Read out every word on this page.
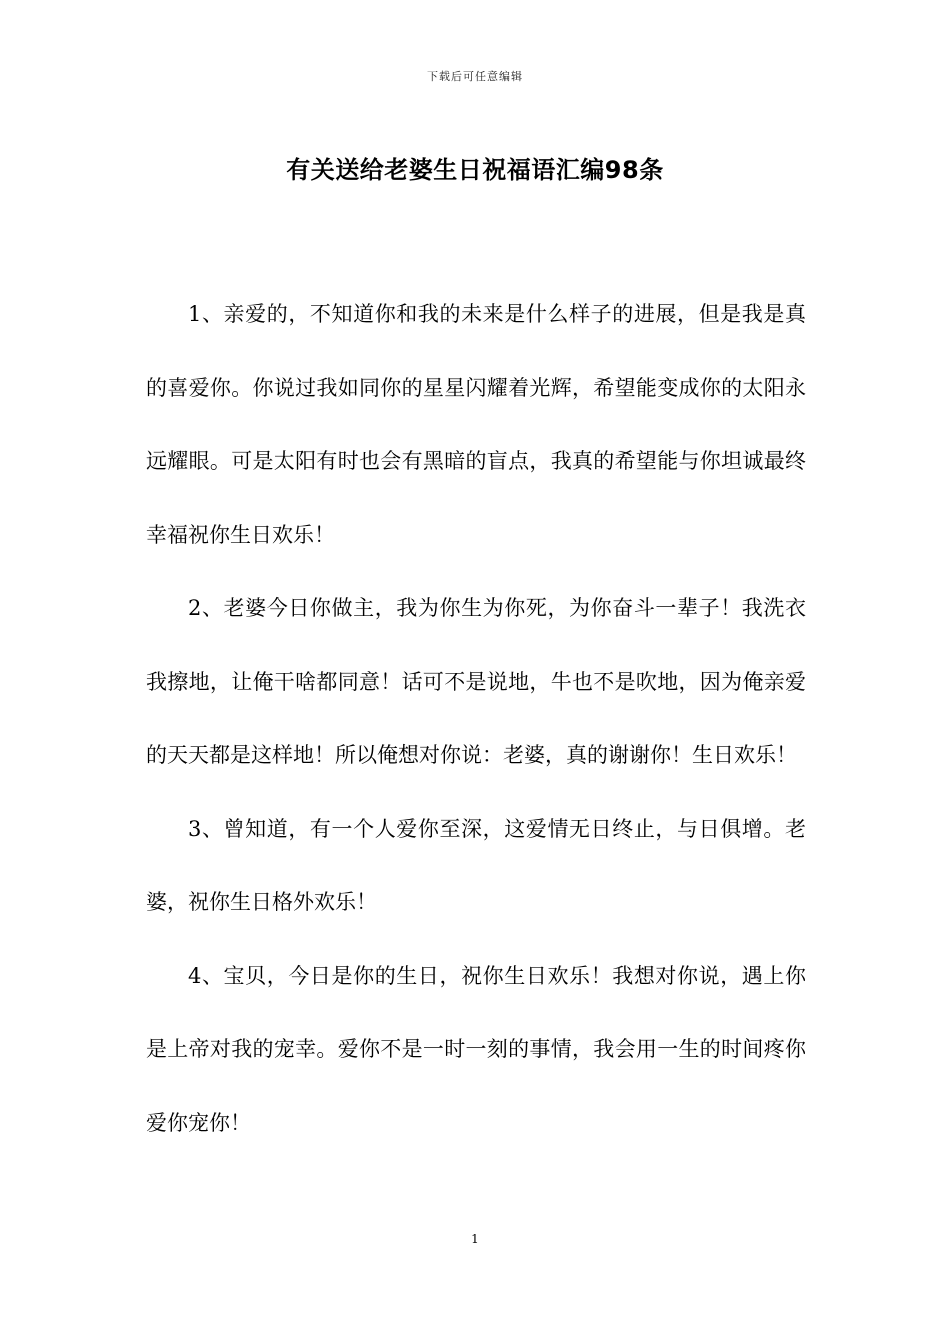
下载后可任意编辑
有关送给老婆生日祝福语汇编98条

1、亲爱的，不知道你和我的未来是什么样子的进展，但是我是真的喜爱你。你说过我如同你的星星闪耀着光辉，希望能变成你的太阳永远耀眼。可是太阳有时也会有黑暗的盲点，我真的希望能与你坦诚最终幸福祝你生日欢乐！

2、老婆今日你做主，我为你生为你死，为你奋斗一辈子！我洗衣我擦地，让俺干啥都同意！话可不是说地，牛也不是吹地，因为俺亲爱的天天都是这样地！所以俺想对你说：老婆，真的谢谢你！生日欢乐！

3、曾知道，有一个人爱你至深，这爱情无日终止，与日俱增。老婆，祝你生日格外欢乐！

4、宝贝，今日是你的生日，祝你生日欢乐！我想对你说，遇上你是上帝对我的宠幸。爱你不是一时一刻的事情，我会用一生的时间疼你爱你宠你！

1
